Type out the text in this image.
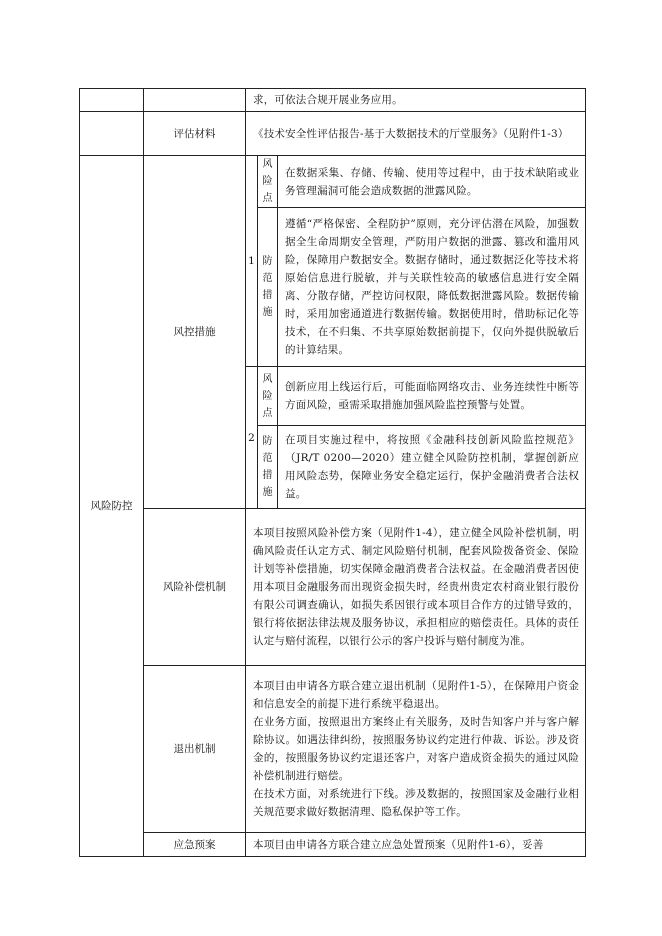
		求，可依法合规开展业务应用。		
	评估材料	《技术安全性评估报告-基于大数据技术的厅堂服务》（见附件1-3）		
风险防控	风控措施	1	风险点	在数据采集、存储、传输、使用等过程中，由于技术缺陷或业务管理漏洞可能会造成数据的泄露风险。

			防范措施	遵循“严格保密、全程防护”原则，充分评估潜在风险，加强数据全生命周期安全管理，严防用户数据的泄露、篡改和滥用风险，保障用户数据安全。数据存储时，通过数据泛化等技术将原始信息进行脱敏，并与关联性较高的敏感信息进行安全隔离、分散存储，严控访问权限，降低数据泄露风险。数据传输时，采用加密通道进行数据传输。数据使用时，借助标记化等技术，在不归集、不共享原始数据前提下，仅向外提供脱敏后的计算结果。
		2	风险点	创新应用上线运行后，可能面临网络攻击、业务连续性中断等方面风险，亟需采取措施加强风险监控预警与处置。

			防范措施	在项目实施过程中，将按照《金融科技创新风险监控规范》（JR/T 0200—2020）建立健全风险防控机制，掌握创新应用风险态势，保障业务安全稳定运行，保护金融消费者合法权益。
	风险补偿机制	本项目按照风险补偿方案（见附件1-4），建立健全风险补偿机制，明确风险责任认定方式、制定风险赔付机制，配套风险拨备资金、保险计划等补偿措施，切实保障金融消费者合法权益。在金融消费者因使用本项目金融服务而出现资金损失时，经贵州贵定农村商业银行股份有限公司调查确认，如损失系因银行或本项目合作方的过错导致的，银行将依据法律法规及服务协议，承担相应的赔偿责任。具体的责任认定与赔付流程，以银行公示的客户投诉与赔付制度为准。		
	退出机制	本项目由申请各方联合建立退出机制（见附件1-5），在保障用户资金和信息安全的前提下进行系统平稳退出。
在业务方面，按照退出方案终止有关服务，及时告知客户并与客户解除协议。如遇法律纠纷，按照服务协议约定进行仲裁、诉讼。涉及资金的，按照服务协议约定退还客户，对客户造成资金损失的通过风险补偿机制进行赔偿。
在技术方面，对系统进行下线。涉及数据的，按照国家及金融行业相关规范要求做好数据清理、隐私保护等工作。		

	应急预案	本项目由申请各方联合建立应急处置预案（见附件1-6），妥善		
